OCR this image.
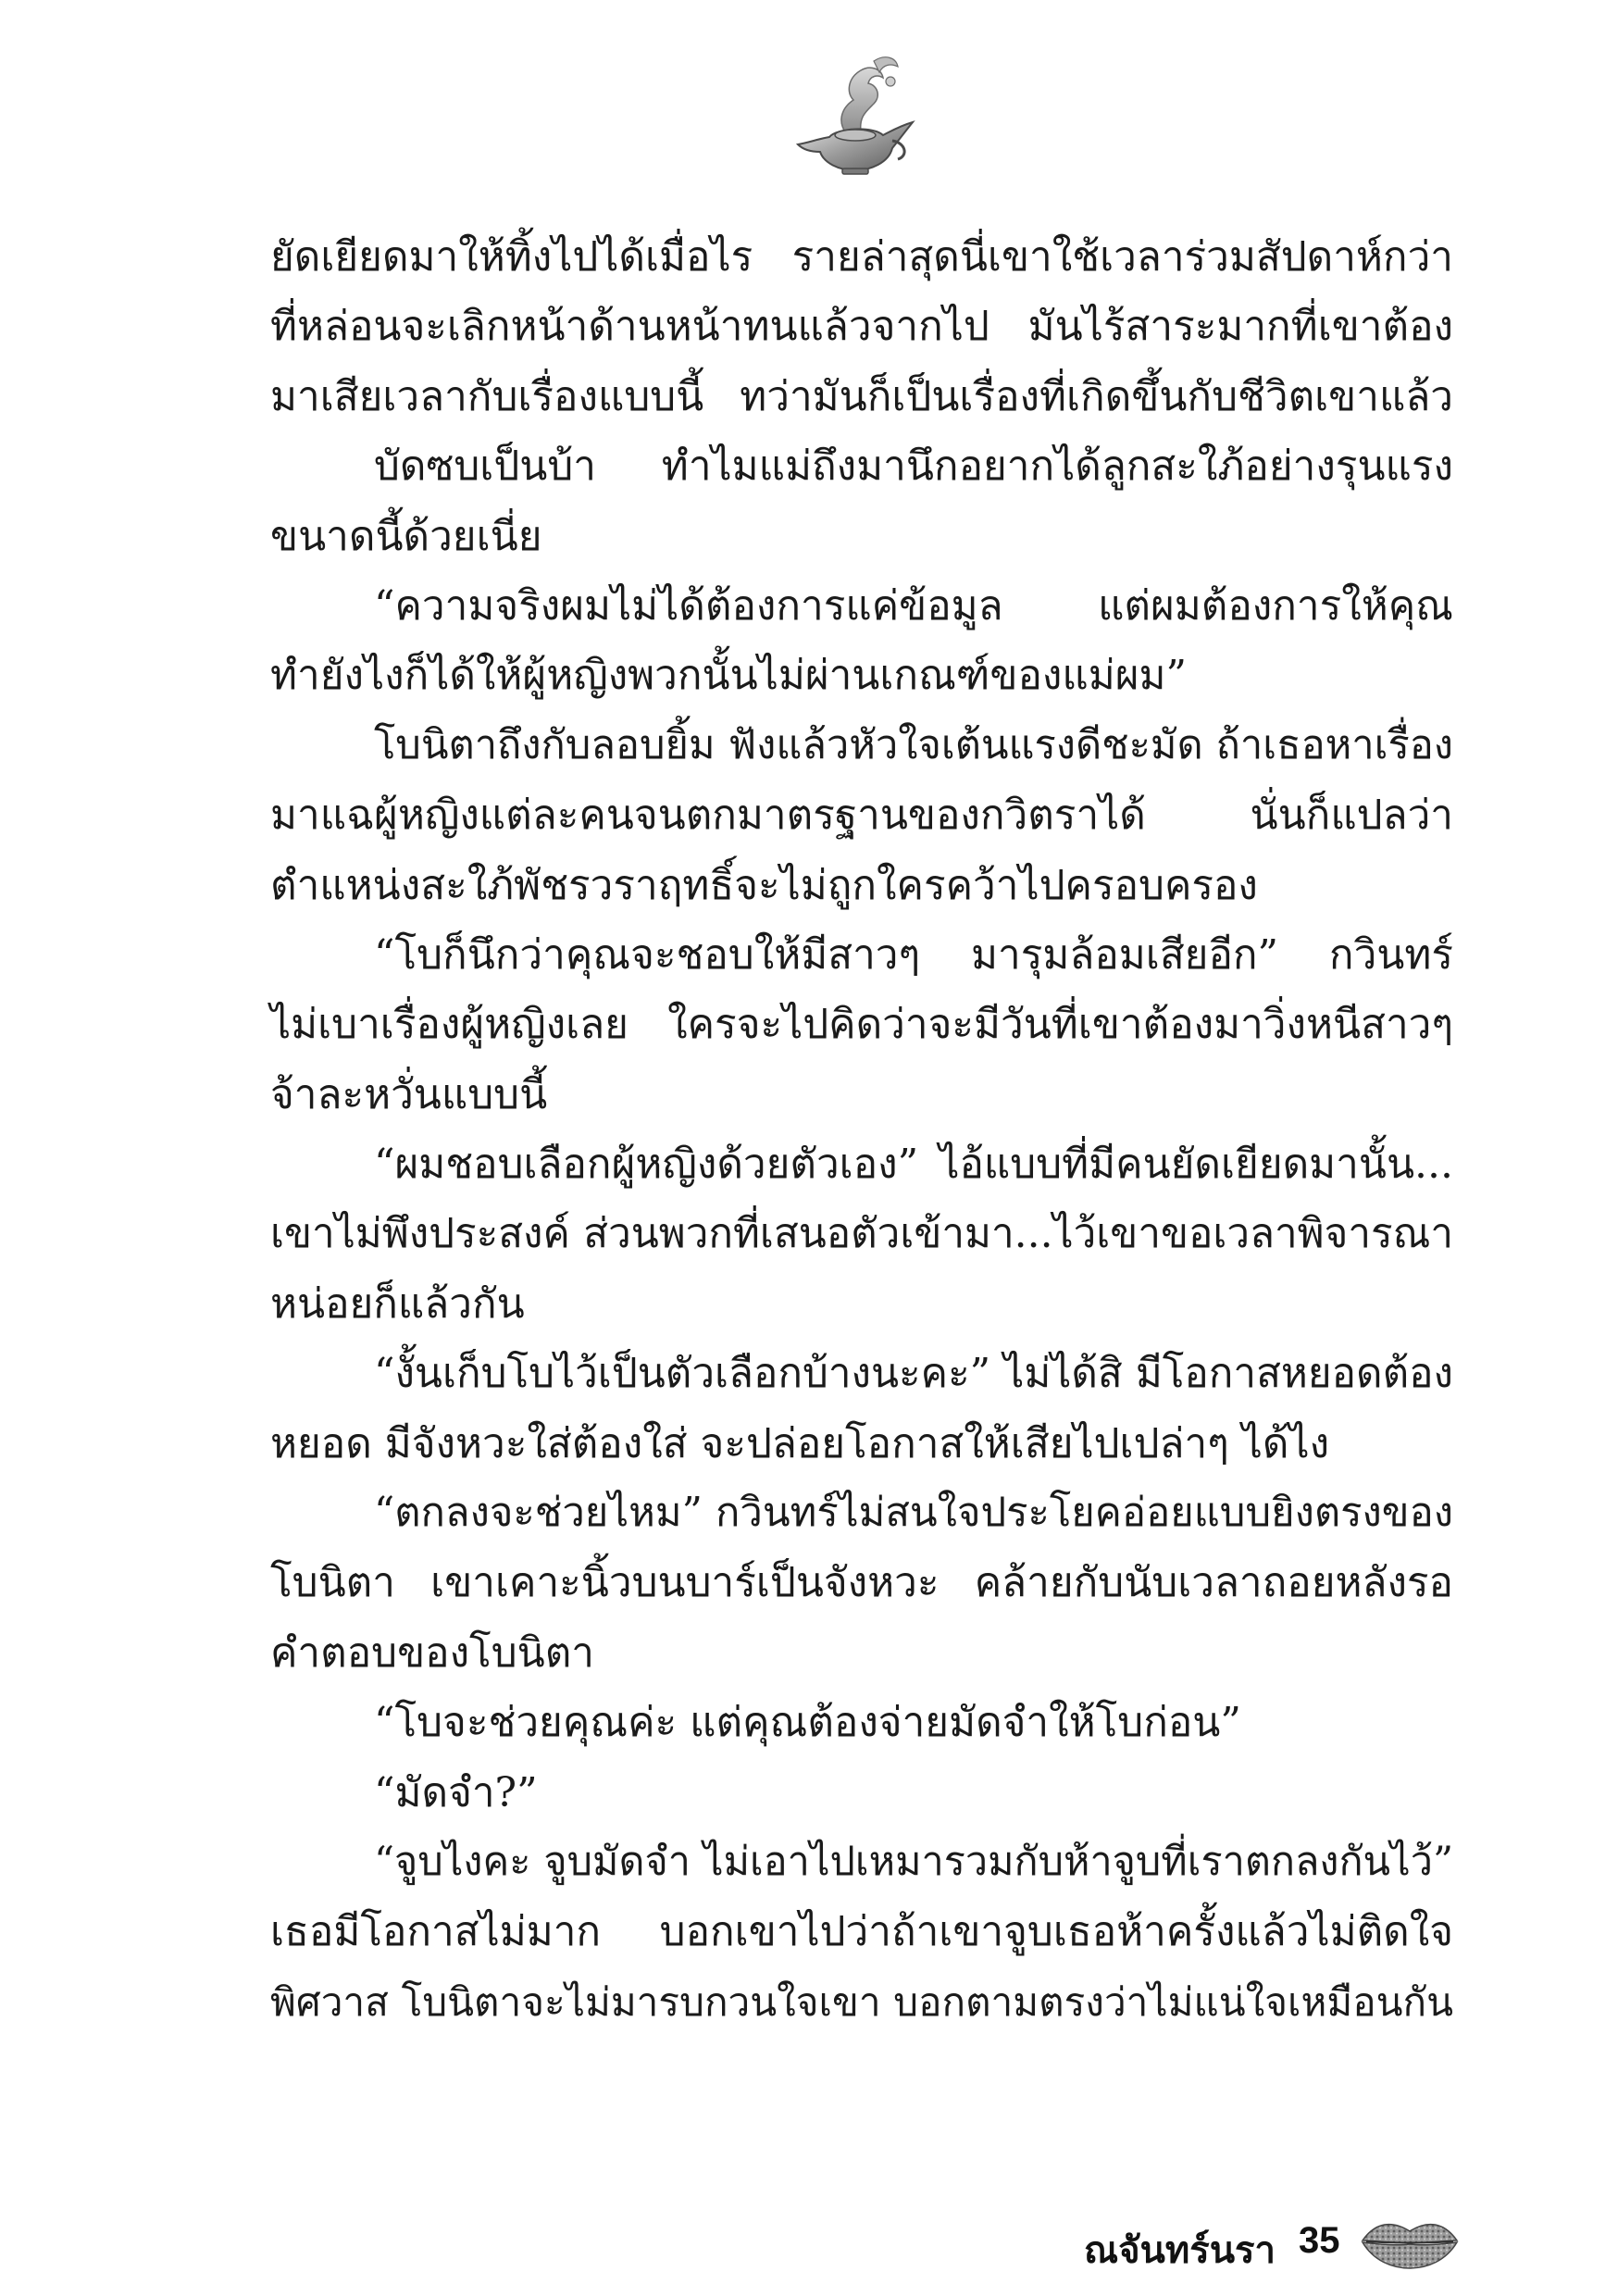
ยัดเยียดมาให้ทิ้งไปได้เมื่อไร รายล่าสุดนี่เขาใช้เวลาร่วมสัปดาห์กว่า
ที่หล่อนจะเลิกหน้าด้านหน้าทนแล้วจากไป มันไร้สาระมากที่เขาต้อง
มาเสียเวลากับเรื่องแบบนี้ ทว่ามันก็เป็นเรื่องที่เกิดขึ้นกับชีวิตเขาแล้ว
บัดซบเป็นบ้า ทำไมแม่ถึงมานึกอยากได้ลูกสะใภ้อย่างรุนแรง
ขนาดนี้ด้วยเนี่ย
“ความจริงผมไม่ได้ต้องการแค่ข้อมูล แต่ผมต้องการให้คุณ
ทำยังไงก็ได้ให้ผู้หญิงพวกนั้นไม่ผ่านเกณฑ์ของแม่ผม”
โบนิตาถึงกับลอบยิ้ม ฟังแล้วหัวใจเต้นแรงดีชะมัด ถ้าเธอหาเรื่อง
มาแฉผู้หญิงแต่ละคนจนตกมาตรฐานของกวิตราได้ นั่นก็แปลว่า
ตำแหน่งสะใภ้พัชรวราฤทธิ์จะไม่ถูกใครคว้าไปครอบครอง
“โบก็นึกว่าคุณจะชอบให้มีสาวๆ มารุมล้อมเสียอีก” กวินทร์
ไม่เบาเรื่องผู้หญิงเลย ใครจะไปคิดว่าจะมีวันที่เขาต้องมาวิ่งหนีสาวๆ
จ้าละหวั่นแบบนี้
“ผมชอบเลือกผู้หญิงด้วยตัวเอง” ไอ้แบบที่มีคนยัดเยียดมานั้น...
เขาไม่พึงประสงค์ ส่วนพวกที่เสนอตัวเข้ามา...ไว้เขาขอเวลาพิจารณา
หน่อยก็แล้วกัน
“งั้นเก็บโบไว้เป็นตัวเลือกบ้างนะคะ” ไม่ได้สิ มีโอกาสหยอดต้อง
หยอด มีจังหวะใส่ต้องใส่ จะปล่อยโอกาสให้เสียไปเปล่าๆ ได้ไง
“ตกลงจะช่วยไหม” กวินทร์ไม่สนใจประโยคอ่อยแบบยิงตรงของ
โบนิตา เขาเคาะนิ้วบนบาร์เป็นจังหวะ คล้ายกับนับเวลาถอยหลังรอ
คำตอบของโบนิตา
“โบจะช่วยคุณค่ะ แต่คุณต้องจ่ายมัดจำให้โบก่อน”
“มัดจำ?”
“จูบไงคะ จูบมัดจำ ไม่เอาไปเหมารวมกับห้าจูบที่เราตกลงกันไว้”
เธอมีโอกาสไม่มาก บอกเขาไปว่าถ้าเขาจูบเธอห้าครั้งแล้วไม่ติดใจ
พิศวาส โบนิตาจะไม่มารบกวนใจเขา บอกตามตรงว่าไม่แน่ใจเหมือนกัน
ณจันทร์นรา 35
